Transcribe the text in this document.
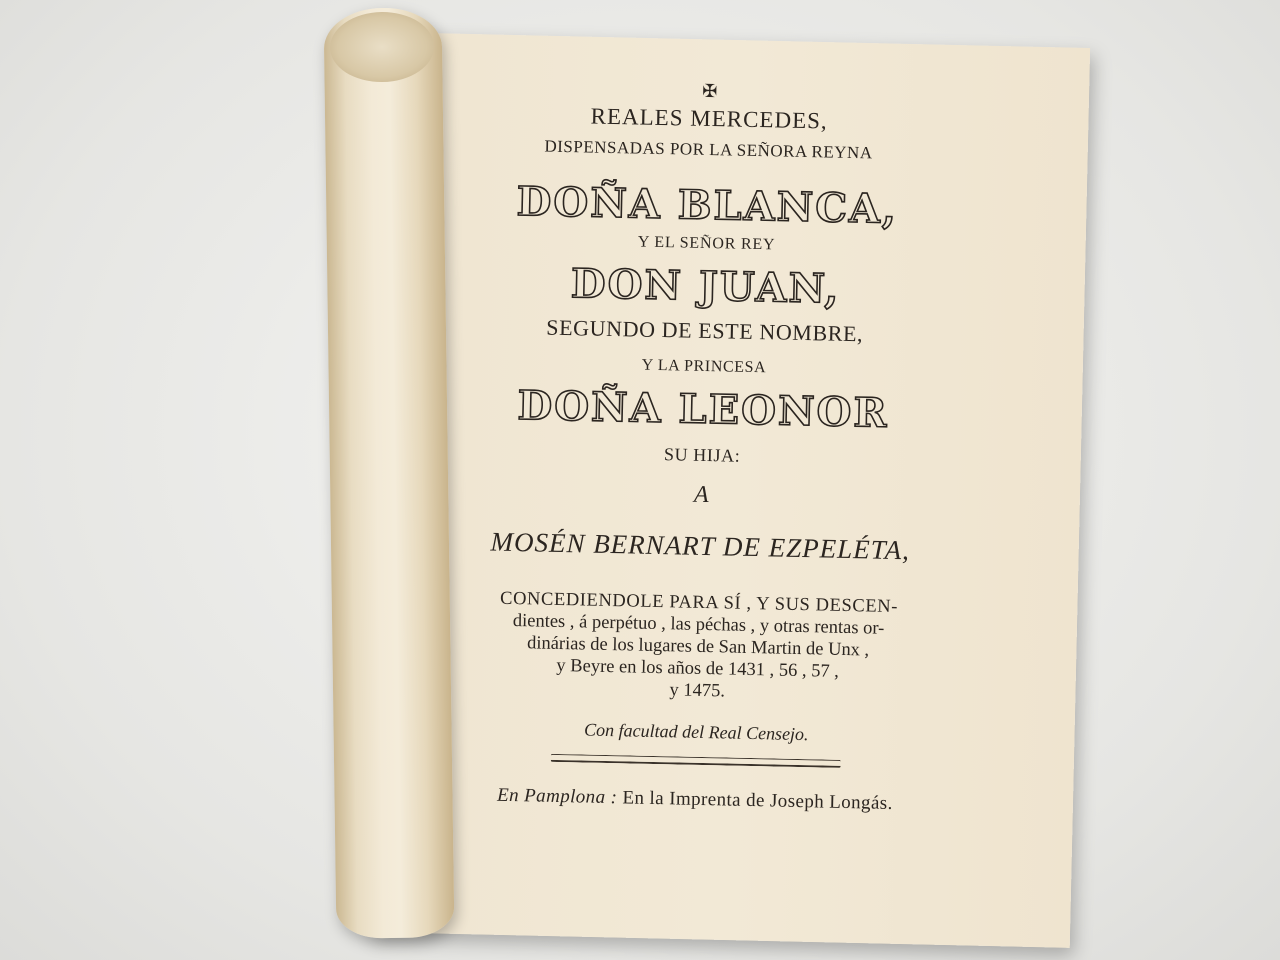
✠
REALES MERCEDES,
DISPENSADAS POR LA SEÑORA REYNA
DOÑA BLANCA,
Y EL SEÑOR REY
DON JUAN,
SEGUNDO DE ESTE NOMBRE,
Y LA PRINCESA
DOÑA LEONOR
SU HIJA:
A
MOSÉN BERNART DE EZPELÉTA,
CONCEDIENDOLE PARA SÍ , Y SUS DESCEN-
dientes , á perpétuo , las péchas , y otras rentas or-
dinárias de los lugares de San Martin de Unx ,
y Beyre en los años de 1431 , 56 , 57 ,
y 1475.
Con facultad del Real Censejo.
En Pamplona : En la Imprenta de Joseph Longás.
